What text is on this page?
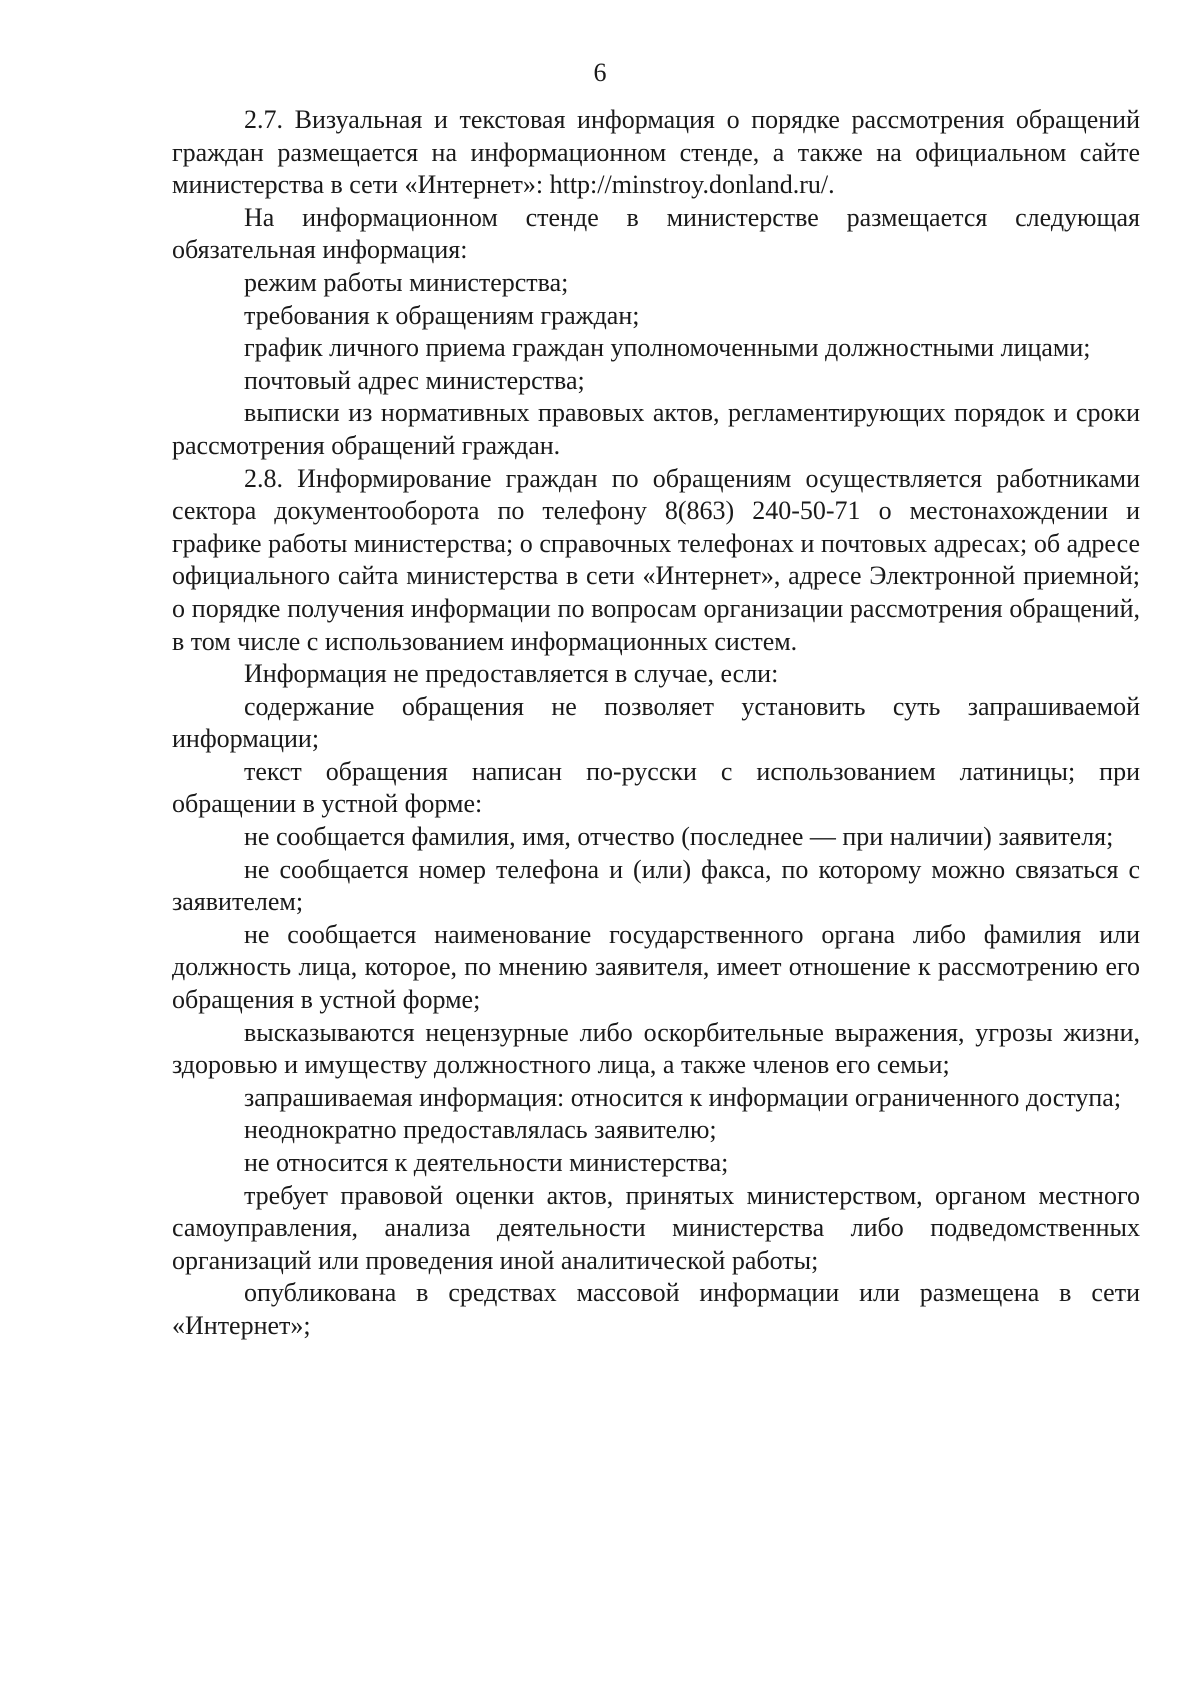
6

2.7. Визуальная и текстовая информация о порядке рассмотрения обращений граждан размещается на информационном стенде, а также на официальном сайте министерства в сети «Интернет»: http://minstroy.donland.ru/.

На информационном стенде в министерстве размещается следующая обязательная информация:

режим работы министерства;

требования к обращениям граждан;

график личного приема граждан уполномоченными должностными лицами;

почтовый адрес министерства;

выписки из нормативных правовых актов, регламентирующих порядок и сроки рассмотрения обращений граждан.

2.8. Информирование граждан по обращениям осуществляется работниками сектора документооборота по телефону 8(863) 240-50-71 о местонахождении и графике работы министерства; о справочных телефонах и почтовых адресах; об адресе официального сайта министерства в сети «Интернет», адресе Электронной приемной; о порядке получения информации по вопросам организации рассмотрения обращений, в том числе с использованием информационных систем.

Информация не предоставляется в случае, если:

содержание обращения не позволяет установить суть запрашиваемой информации;

текст обращения написан по-русски с использованием латиницы; при обращении в устной форме:

не сообщается фамилия, имя, отчество (последнее — при наличии) заявителя;

не сообщается номер телефона и (или) факса, по которому можно связаться с заявителем;

не сообщается наименование государственного органа либо фамилия или должность лица, которое, по мнению заявителя, имеет отношение к рассмотрению его обращения в устной форме;

высказываются нецензурные либо оскорбительные выражения, угрозы жизни, здоровью и имуществу должностного лица, а также членов его семьи;

запрашиваемая информация: относится к информации ограниченного доступа;

неоднократно предоставлялась заявителю;

не относится к деятельности министерства;

требует правовой оценки актов, принятых министерством, органом местного самоуправления, анализа деятельности министерства либо подведомственных организаций или проведения иной аналитической работы;

опубликована в средствах массовой информации или размещена в сети «Интернет»;
